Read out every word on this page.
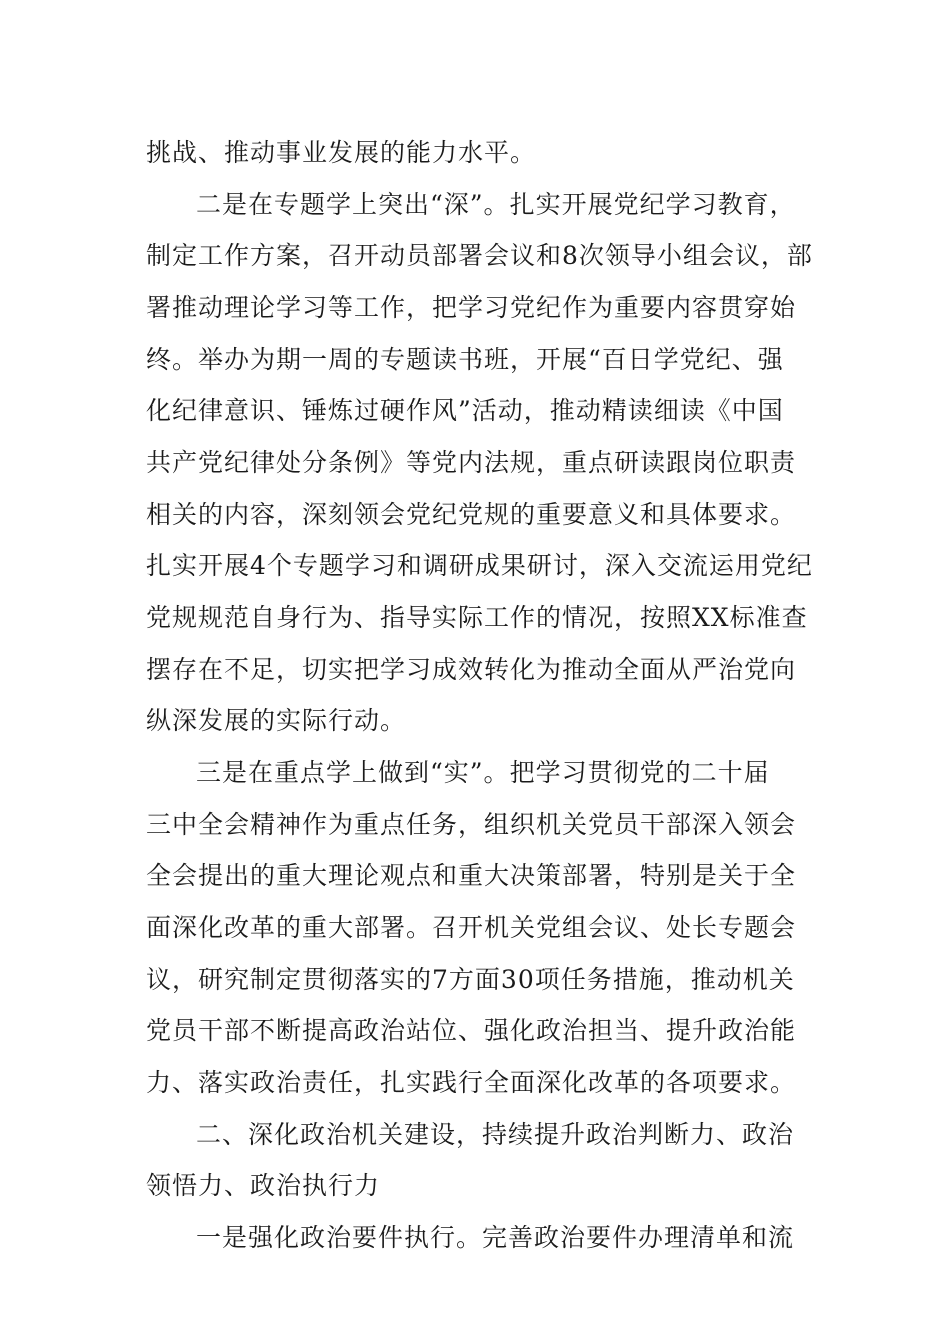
挑战、推动事业发展的能力水平。
二是在专题学上突出“深”。扎实开展党纪学习教育，
制定工作方案，召开动员部署会议和8次领导小组会议，部
署推动理论学习等工作，把学习党纪作为重要内容贯穿始
终。举办为期一周的专题读书班，开展“百日学党纪、强
化纪律意识、锤炼过硬作风”活动，推动精读细读《中国
共产党纪律处分条例》等党内法规，重点研读跟岗位职责
相关的内容，深刻领会党纪党规的重要意义和具体要求。
扎实开展4个专题学习和调研成果研讨，深入交流运用党纪
党规规范自身行为、指导实际工作的情况，按照XX标准查
摆存在不足，切实把学习成效转化为推动全面从严治党向
纵深发展的实际行动。
三是在重点学上做到“实”。把学习贯彻党的二十届
三中全会精神作为重点任务，组织机关党员干部深入领会
全会提出的重大理论观点和重大决策部署，特别是关于全
面深化改革的重大部署。召开机关党组会议、处长专题会
议，研究制定贯彻落实的7方面30项任务措施，推动机关
党员干部不断提高政治站位、强化政治担当、提升政治能
力、落实政治责任，扎实践行全面深化改革的各项要求。
二、深化政治机关建设，持续提升政治判断力、政治
领悟力、政治执行力
一是强化政治要件执行。完善政治要件办理清单和流
